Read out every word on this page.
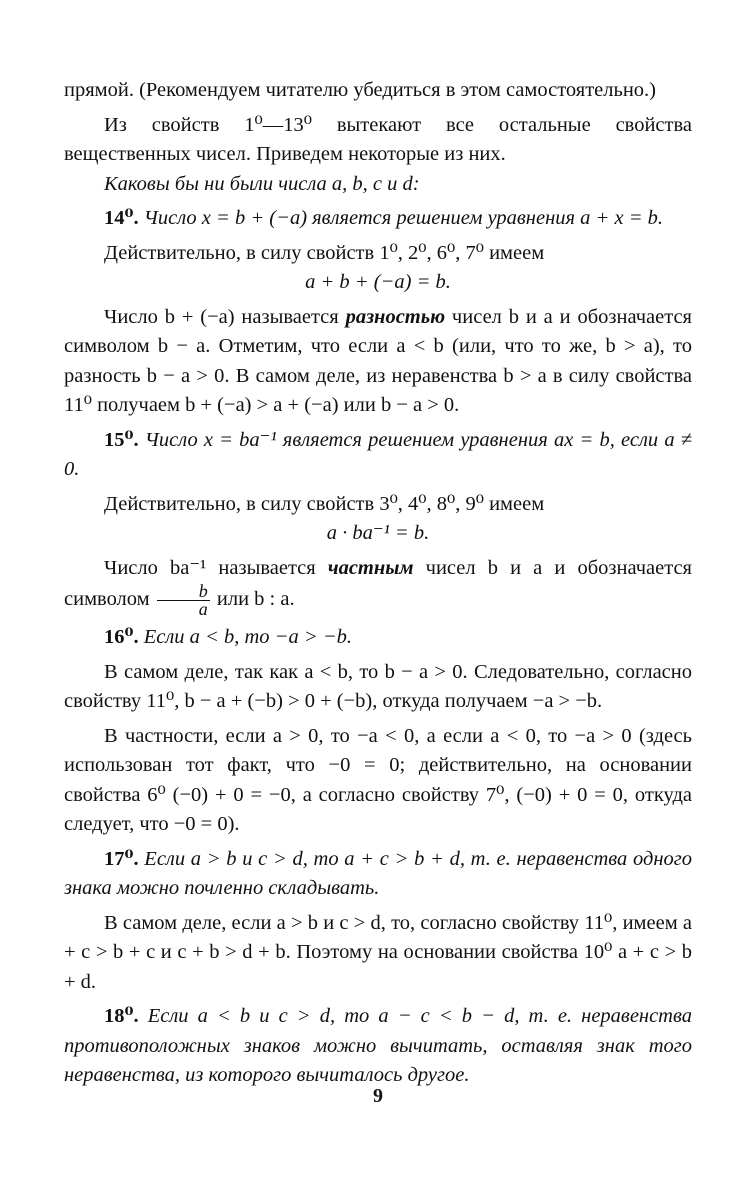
прямой. (Рекомендуем читателю убедиться в этом самостоятельно.)

Из свойств 1⁰—13⁰ вытекают все остальные свойства вещественных чисел. Приведем некоторые из них.

Каковы бы ни были числа a, b, c и d:

14⁰. Число x = b + (−a) является решением уравнения a + x = b.

Действительно, в силу свойств 1⁰, 2⁰, 6⁰, 7⁰ имеем

a + b + (−a) = b.

Число b + (−a) называется разностью чисел b и a и обозначается символом b − a. Отметим, что если a < b (или, что то же, b > a), то разность b − a > 0. В самом деле, из неравенства b > a в силу свойства 11⁰ получаем b + (−a) > a + (−a) или b − a > 0.

15⁰. Число x = ba⁻¹ является решением уравнения ax = b, если a ≠ 0.

Действительно, в силу свойств 3⁰, 4⁰, 8⁰, 9⁰ имеем

a · ba⁻¹ = b.

Число ba⁻¹ называется частным чисел b и a и обозначается символом $\frac{b}{a}$ или b : a.

16⁰. Если a < b, то −a > −b.

В самом деле, так как a < b, то b − a > 0. Следовательно, согласно свойству 11⁰, b − a + (−b) > 0 + (−b), откуда получаем −a > −b.

В частности, если a > 0, то −a < 0, а если a < 0, то −a > 0 (здесь использован тот факт, что −0 = 0; действительно, на основании свойства 6⁰ (−0) + 0 = −0, а согласно свойству 7⁰, (−0) + 0 = 0, откуда следует, что −0 = 0).

17⁰. Если a > b и c > d, то a + c > b + d, т. е. неравенства одного знака можно почленно складывать.

В самом деле, если a > b и c > d, то, согласно свойству 11⁰, имеем a + c > b + c и c + b > d + b. Поэтому на основании свойства 10⁰ a + c > b + d.

18⁰. Если a < b и c > d, то a − c < b − d, т. е. неравенства противоположных знаков можно вычитать, оставляя знак того неравенства, из которого вычиталось другое.

9
